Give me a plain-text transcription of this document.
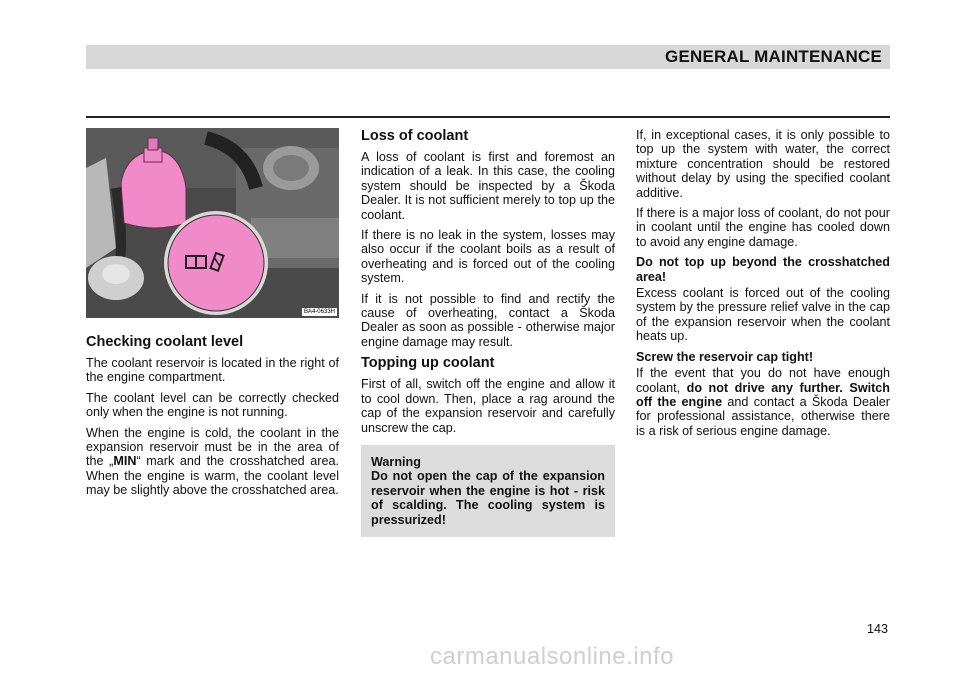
GENERAL MAINTENANCE
BA4-0633H
Checking coolant level

The coolant reservoir is located in the right of the engine compartment.

The coolant level can be correctly checked only when the engine is not running.

When the engine is cold, the coolant in the expansion reservoir must be in the area of the „MIN“ mark and the crosshatched area. When the engine is warm, the coolant level may be slightly above the crosshatched area.

Loss of coolant

A loss of coolant is first and foremost an indication of a leak. In this case, the cooling system should be inspected by a Škoda Dealer. It is not sufficient merely to top up the coolant.

If there is no leak in the system, losses may also occur if the coolant boils as a result of overheating and is forced out of the cooling system.

If it is not possible to find and rectify the cause of overheating, contact a Škoda Dealer as soon as possible - otherwise major engine damage may result.

Topping up coolant

First of all, switch off the engine and allow it to cool down. Then, place a rag around the cap of the expansion reservoir and carefully unscrew the cap.

Warning
Do not open the cap of the expansion reservoir when the engine is hot - risk of scalding. The cooling system is pressurized!

If, in exceptional cases, it is only possible to top up the system with water, the correct mixture concentration should be restored without delay by using the specified coolant additive.

If there is a major loss of coolant, do not pour in coolant until the engine has cooled down to avoid any engine damage.

Do not top up beyond the crosshatched area!

Excess coolant is forced out of the cooling system by the pressure relief valve in the cap of the expansion reservoir when the coolant heats up.

Screw the reservoir cap tight!

If the event that you do not have enough coolant, do not drive any further. Switch off the engine and contact a Škoda Dealer for professional assistance, otherwise there is a risk of serious engine damage.

143
carmanualsonline.info
